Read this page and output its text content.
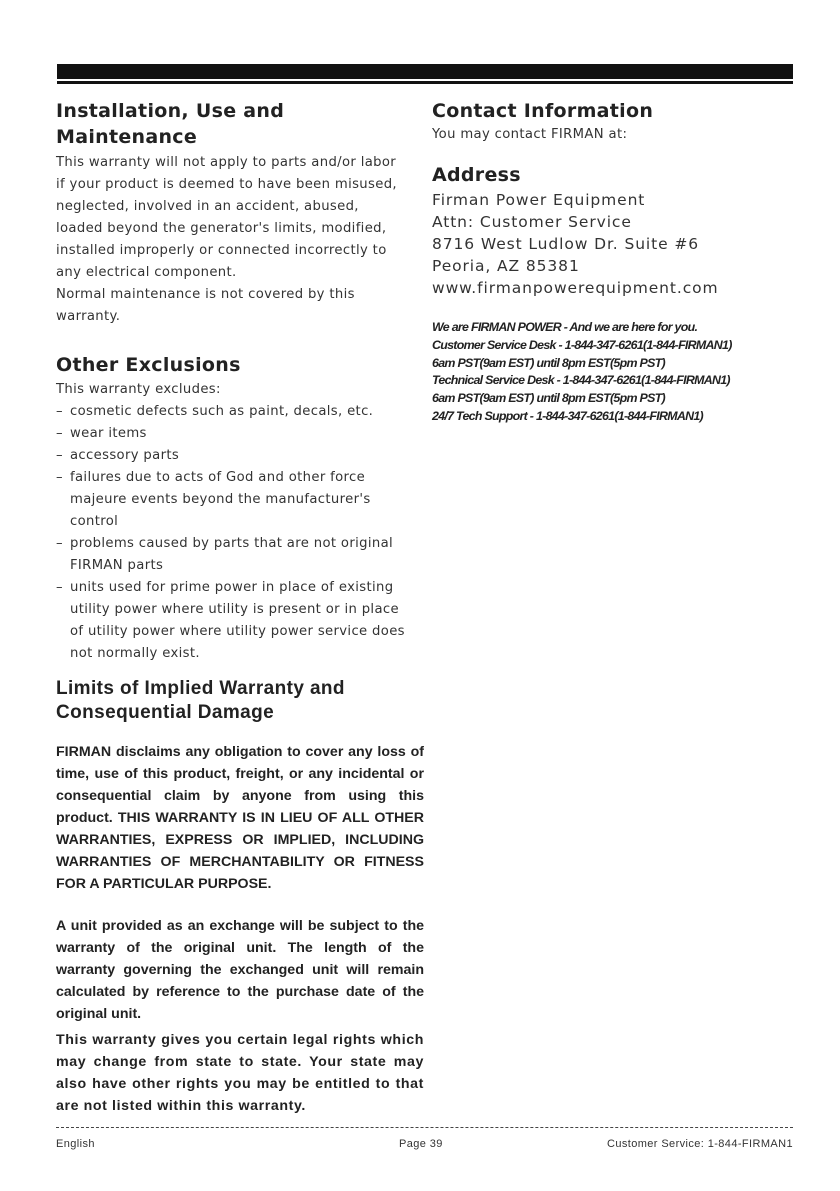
Installation, Use and Maintenance
This warranty will not apply to parts and/or labor
if your product is deemed to have been misused,
neglected, involved in an accident, abused,
loaded beyond the generator's limits, modified,
installed improperly or connected incorrectly to
any electrical component.
Normal maintenance is not covered by this
warranty.
Other Exclusions
This warranty excludes:
– cosmetic defects such as paint, decals, etc.
– wear items
– accessory parts
– failures due to acts of God and other force
majeure events beyond the manufacturer's
control
– problems caused by parts that are not original
FIRMAN parts
– units used for prime power in place of existing
utility power where utility is present or in place
of utility power where utility power service does
not normally exist.
Limits of Implied Warranty and
Consequential Damage

FIRMAN disclaims any obligation to cover any loss of time, use of this product, freight, or any incidental or consequential claim by anyone from using this product. THIS WARRANTY IS IN LIEU OF ALL OTHER WARRANTIES, EXPRESS OR IMPLIED, INCLUDING WARRANTIES OF MERCHANTABILITY OR FITNESS FOR A PARTICULAR PURPOSE.

A unit provided as an exchange will be subject to the warranty of the original unit. The length of the warranty governing the exchanged unit will remain calculated by reference to the purchase date of the original unit.

This warranty gives you certain legal rights which may change from state to state. Your state may also have other rights you may be entitled to that are not listed within this warranty.

Contact Information

You may contact FIRMAN at:

Address
Firman Power Equipment
Attn: Customer Service
8716 West Ludlow Dr. Suite #6
Peoria, AZ 85381
www.firmanpowerequipment.com
We are FIRMAN POWER - And we are here for you.
Customer Service Desk - 1-844-347-6261(1-844-FIRMAN1)
6am PST(9am EST) until 8pm EST(5pm PST)
Technical Service Desk - 1-844-347-6261(1-844-FIRMAN1)
6am PST(9am EST) until 8pm EST(5pm PST)
24/7 Tech Support - 1-844-347-6261(1-844-FIRMAN1)
English	Page 39	Customer Service: 1-844-FIRMAN1
